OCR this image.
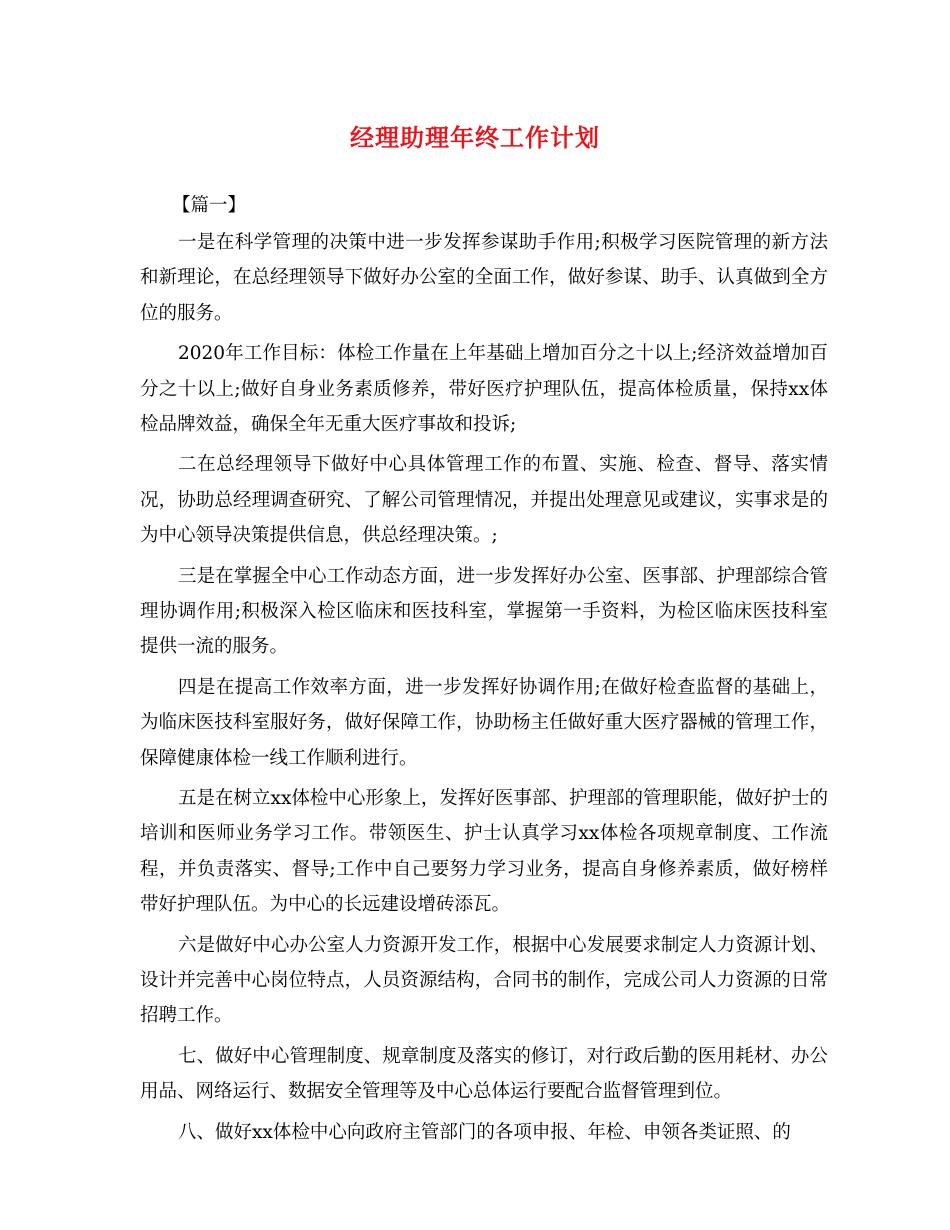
经理助理年终工作计划
【篇一】

一是在科学管理的决策中进一步发挥参谋助手作用;积极学习医院管理的新方法和新理论，在总经理领导下做好办公室的全面工作，做好参谋、助手、认真做到全方位的服务。

2020年工作目标：体检工作量在上年基础上增加百分之十以上;经济效益增加百分之十以上;做好自身业务素质修养，带好医疗护理队伍，提高体检质量，保持xx体检品牌效益，确保全年无重大医疗事故和投诉;

二在总经理领导下做好中心具体管理工作的布置、实施、检查、督导、落实情况，协助总经理调查研究、了解公司管理情况，并提出处理意见或建议，实事求是的为中心领导决策提供信息，供总经理决策。;

三是在掌握全中心工作动态方面，进一步发挥好办公室、医事部、护理部综合管理协调作用;积极深入检区临床和医技科室，掌握第一手资料，为检区临床医技科室提供一流的服务。

四是在提高工作效率方面，进一步发挥好协调作用;在做好检查监督的基础上，为临床医技科室服好务，做好保障工作，协助杨主任做好重大医疗器械的管理工作，保障健康体检一线工作顺利进行。

五是在树立xx体检中心形象上，发挥好医事部、护理部的管理职能，做好护士的培训和医师业务学习工作。带领医生、护士认真学习xx体检各项规章制度、工作流程，并负责落实、督导;工作中自己要努力学习业务，提高自身修养素质，做好榜样带好护理队伍。为中心的长远建设增砖添瓦。

六是做好中心办公室人力资源开发工作，根据中心发展要求制定人力资源计划、设计并完善中心岗位特点，人员资源结构，合同书的制作，完成公司人力资源的日常招聘工作。

七、做好中心管理制度、规章制度及落实的修订，对行政后勤的医用耗材、办公用品、网络运行、数据安全管理等及中心总体运行要配合监督管理到位。

八、做好xx体检中心向政府主管部门的各项申报、年检、申领各类证照、的
